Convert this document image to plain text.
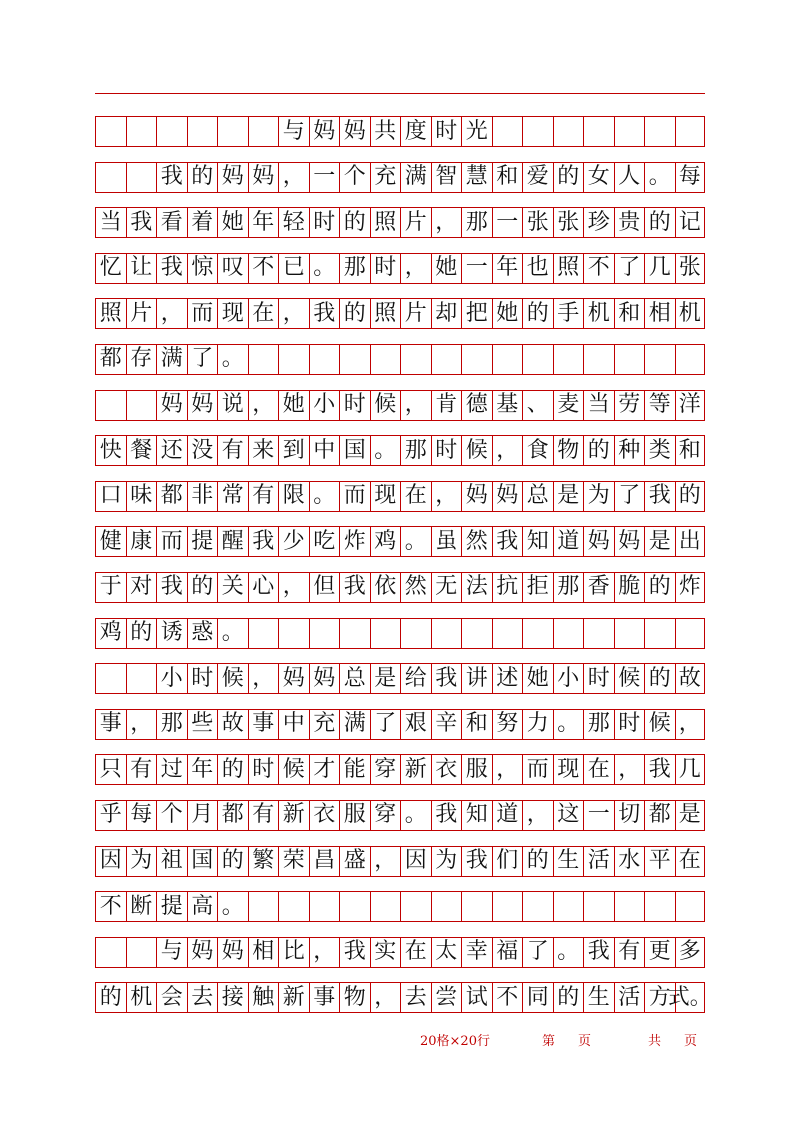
与 妈 妈 共 度 时 光
我 的 妈 妈 ， 一 个 充 满 智 慧 和 爱 的 女 人 。 每
当 我 看 着 她 年 轻 时 的 照 片 ， 那 一 张 张 珍 贵 的 记
忆 让 我 惊 叹 不 已 。 那 时 ， 她 一 年 也 照 不 了 几 张
照 片 ， 而 现 在 ， 我 的 照 片 却 把 她 的 手 机 和 相 机
都 存 满 了 。
妈 妈 说 ， 她 小 时 候 ， 肯 德 基 、 麦 当 劳 等 洋
快 餐 还 没 有 来 到 中 国 。 那 时 候 ， 食 物 的 种 类 和
口 味 都 非 常 有 限 。 而 现 在 ， 妈 妈 总 是 为 了 我 的
健 康 而 提 醒 我 少 吃 炸 鸡 。 虽 然 我 知 道 妈 妈 是 出
于 对 我 的 关 心 ， 但 我 依 然 无 法 抗 拒 那 香 脆 的 炸
鸡 的 诱 惑 。
小 时 候 ， 妈 妈 总 是 给 我 讲 述 她 小 时 候 的 故
事 ， 那 些 故 事 中 充 满 了 艰 辛 和 努 力 。 那 时 候 ，
只 有 过 年 的 时 候 才 能 穿 新 衣 服 ， 而 现 在 ， 我 几
乎 每 个 月 都 有 新 衣 服 穿 。 我 知 道 ， 这 一 切 都 是
因 为 祖 国 的 繁 荣 昌 盛 ， 因 为 我 们 的 生 活 水 平 在
不 断 提 高 。
与 妈 妈 相 比 ， 我 实 在 太 幸 福 了 。 我 有 更 多
的 机 会 去 接 触 新 事 物 ， 去 尝 试 不 同 的 生 活 方
式。
20格×20行	第 页	共 页
